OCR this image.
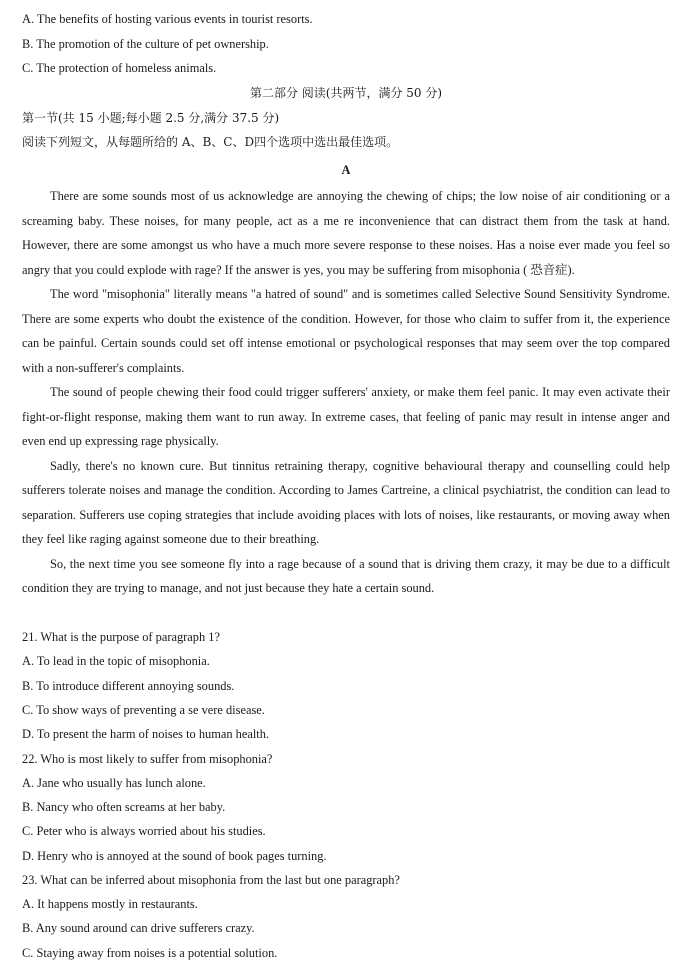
A. The benefits of hosting various events in tourist resorts.
B. The promotion of the culture of pet ownership.
C. The protection of homeless animals.
第二部分 阅读(共两节，满分 50 分)
第一节(共 15 小题;每小题 2.5 分,满分 37.5 分)
阅读下列短文，从每题所给的 A、B、C、D四个选项中选出最佳选项。
A

There are some sounds most of us acknowledge are annoying the chewing of chips; the low noise of air conditioning or a screaming baby. These noises, for many people, act as a me re inconvenience that can distract them from the task at hand. However, there are some amongst us who have a much more severe response to these noises. Has a noise ever made you feel so angry that you could explode with rage? If the answer is yes, you may be suffering from misophonia ( 恐音症).

The word "misophonia" literally means "a hatred of sound" and is sometimes called Selective Sound Sensitivity Syndrome. There are some experts who doubt the existence of the condition. However, for those who claim to suffer from it, the experience can be painful. Certain sounds could set off intense emotional or psychological responses that may seem over the top compared with a non-sufferer's complaints.

The sound of people chewing their food could trigger sufferers' anxiety, or make them feel panic. It may even activate their fight-or-flight response, making them want to run away. In extreme cases, that feeling of panic may result in intense anger and even end up expressing rage physically.

Sadly, there's no known cure. But tinnitus retraining therapy, cognitive behavioural therapy and counselling could help sufferers tolerate noises and manage the condition. According to James Cartreine, a clinical psychiatrist, the condition can lead to separation. Sufferers use coping strategies that include avoiding places with lots of noises, like restaurants, or moving away when they feel like raging against someone due to their breathing.

So, the next time you see someone fly into a rage because of a sound that is driving them crazy, it may be due to a difficult condition they are trying to manage, and not just because they hate a certain sound.

21. What is the purpose of paragraph 1?
A. To lead in the topic of misophonia.
B. To introduce different annoying sounds.
C. To show ways of preventing a se vere disease.
D. To present the harm of noises to human health.
22. Who is most likely to suffer from misophonia?
A. Jane who usually has lunch alone.
B. Nancy who often screams at her baby.
C. Peter who is always worried about his studies.
D. Henry who is annoyed at the sound of book pages turning.
23. What can be inferred about misophonia from the last but one paragraph?
A. It happens mostly in restaurants.
B. Any sound around can drive sufferers crazy.
C. Staying away from noises is a potential solution.
